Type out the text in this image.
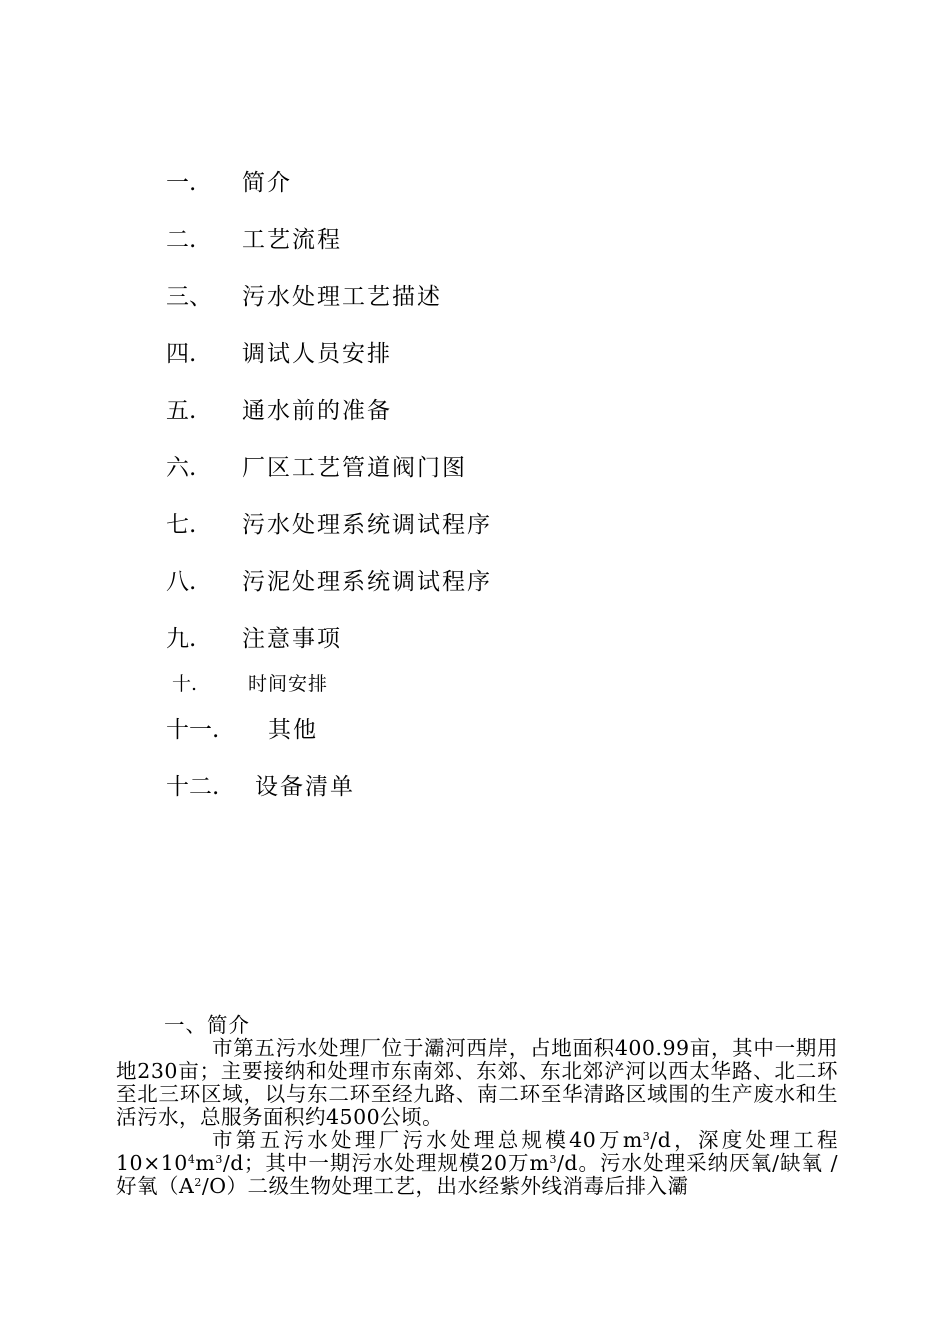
一. 简介
二. 工艺流程
三、 污水处理工艺描述
四. 调试人员安排
五. 通水前的准备
六. 厂区工艺管道阀门图
七. 污水处理系统调试程序
八. 污泥处理系统调试程序
九. 注意事项
十.	时间安排
十一. 其他
十二. 设备清单
一、简介
市第五污水处理厂位于灞河西岸，占地面积400.99亩，其中一期用地230亩；主要接纳和处理市东南郊、东郊、东北郊浐河以西太华路、北二环至北三环区域，以与东二环至经九路、南二环至华清路区域围的生产废水和生活污水，总服务面积约4500公顷。
市第五污水处理厂污水处理总规模40万$m^3/d$，深度处理工程$10\times 10^4m^3/d$；其中一期污水处理规模20万$m^3/d$。污水处理采纳厌氧/缺氧 /好氧$(A^2/O)$二级生物处理工艺，出水经紫外线消毒后排入灞
